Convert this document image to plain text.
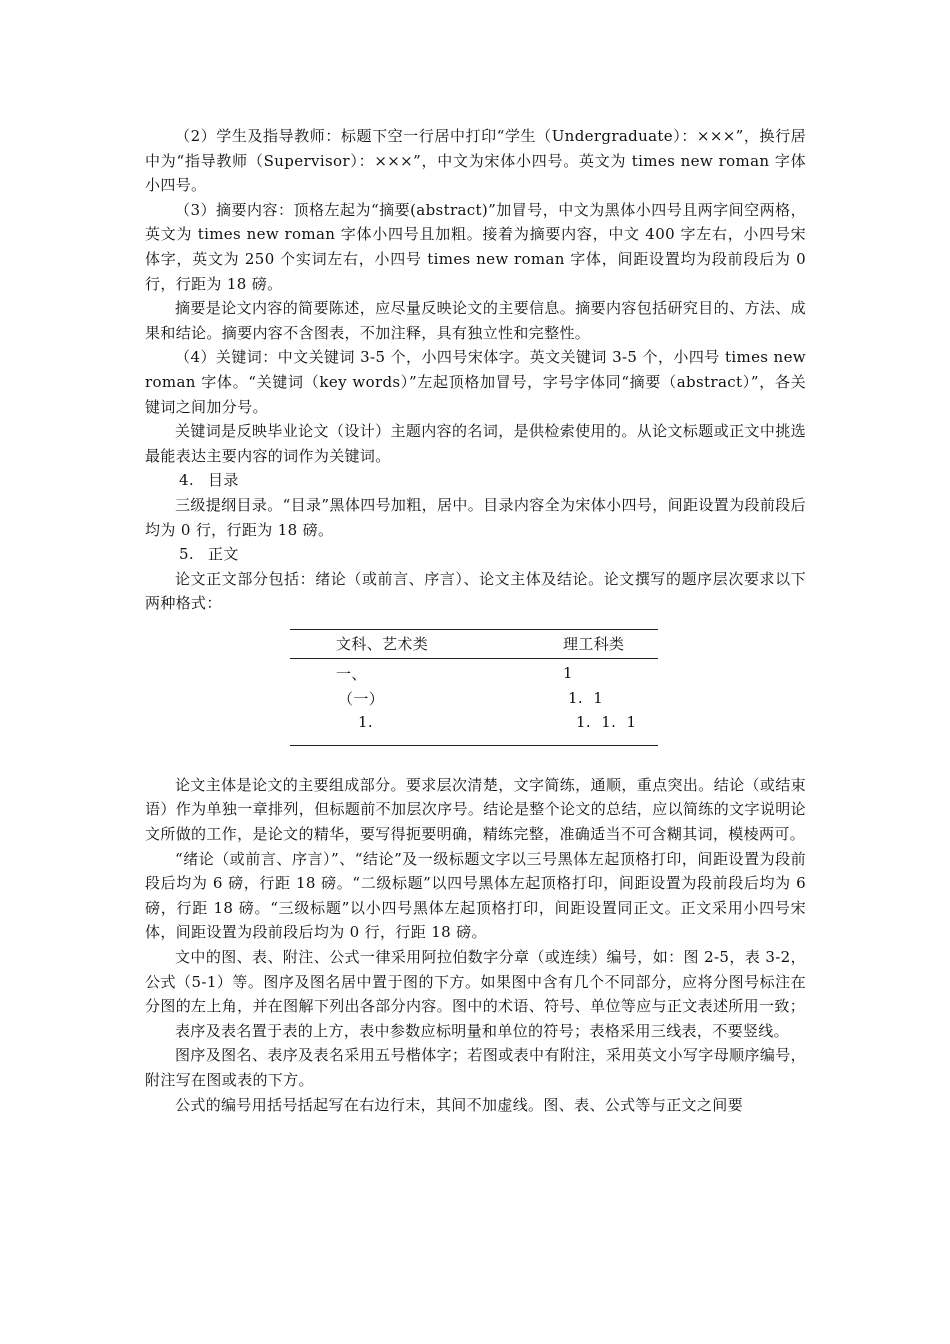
（2）学生及指导教师：标题下空一行居中打印“学生（Undergraduate）：×××”，换行居中为“指导教师（Supervisor）：×××”，中文为宋体小四号。英文为 times new roman 字体小四号。

（3）摘要内容：顶格左起为“摘要(abstract)”加冒号，中文为黑体小四号且两字间空两格，英文为 times new roman 字体小四号且加粗。接着为摘要内容，中文 400 字左右，小四号宋体字，英文为 250 个实词左右，小四号 times new roman 字体，间距设置均为段前段后为 0 行，行距为 18 磅。

摘要是论文内容的简要陈述，应尽量反映论文的主要信息。摘要内容包括研究目的、方法、成果和结论。摘要内容不含图表，不加注释，具有独立性和完整性。

（4）关键词：中文关键词 3-5 个，小四号宋体字。英文关键词 3-5 个，小四号 times new roman 字体。“关键词（key words）”左起顶格加冒号，字号字体同“摘要（abstract）”，各关键词之间加分号。

关键词是反映毕业论文（设计）主题内容的名词，是供检索使用的。从论文标题或正文中挑选最能表达主要内容的词作为关键词。

4. 目录

三级提纲目录。“目录”黑体四号加粗，居中。目录内容全为宋体小四号，间距设置为段前段后均为 0 行，行距为 18 磅。

5. 正文

论文正文部分包括：绪论（或前言、序言）、论文主体及结论。论文撰写的题序层次要求以下两种格式：

文科、艺术类	理工科类
一、	1
（一）	1.  1
1.	1.  1.  1

论文主体是论文的主要组成部分。要求层次清楚，文字简练，通顺，重点突出。结论（或结束语）作为单独一章排列，但标题前不加层次序号。结论是整个论文的总结，应以简练的文字说明论文所做的工作，是论文的精华，要写得扼要明确，精练完整，准确适当不可含糊其词，模棱两可。

“绪论（或前言、序言）”、“结论”及一级标题文字以三号黑体左起顶格打印，间距设置为段前段后均为 6 磅，行距 18 磅。“二级标题”以四号黑体左起顶格打印，间距设置为段前段后均为 6 磅，行距 18 磅。“三级标题”以小四号黑体左起顶格打印，间距设置同正文。正文采用小四号宋体，间距设置为段前段后均为 0 行，行距 18 磅。

文中的图、表、附注、公式一律采用阿拉伯数字分章（或连续）编号，如：图 2-5，表 3-2，公式（5-1）等。图序及图名居中置于图的下方。如果图中含有几个不同部分，应将分图号标注在分图的左上角，并在图解下列出各部分内容。图中的术语、符号、单位等应与正文表述所用一致；

表序及表名置于表的上方，表中参数应标明量和单位的符号；表格采用三线表，不要竖线。

图序及图名、表序及表名采用五号楷体字；若图或表中有附注，采用英文小写字母顺序编号，附注写在图或表的下方。

公式的编号用括号括起写在右边行末，其间不加虚线。图、表、公式等与正文之间要
